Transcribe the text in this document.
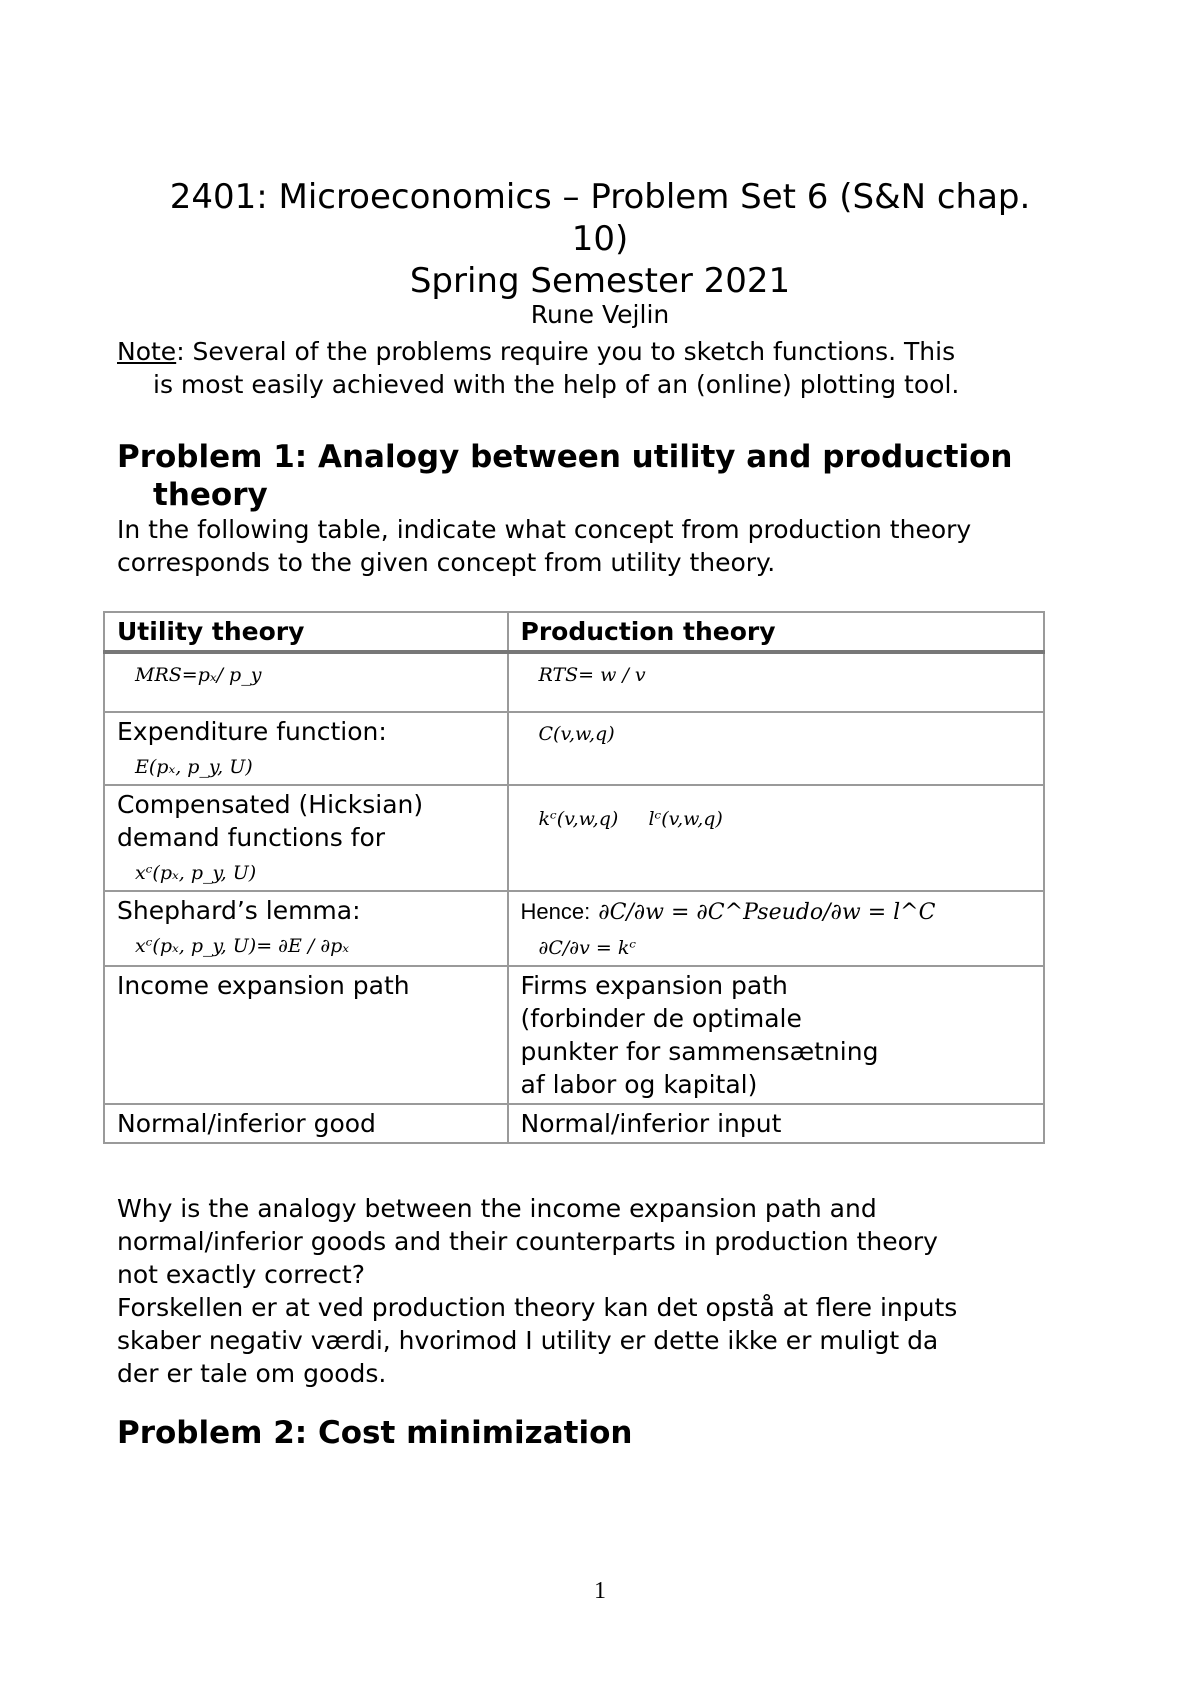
2401: Microeconomics – Problem Set 6 (S&N chap.
10)
Spring Semester 2021
Rune Vejlin
Note: Several of the problems require you to sketch functions. This
is most easily achieved with the help of an (online) plotting tool.
Problem 1: Analogy between utility and production
theory
In the following table, indicate what concept from production theory
corresponds to the given concept from utility theory.
Utility theory	Production theory
MRS=pₓ/ p_y	RTS= w / v
Expenditure function:
E(pₓ, p_y, U)	C(v,w,q)
Compensated (Hicksian)
demand functions for
xᶜ(pₓ, p_y, U)	kᶜ(v,w,q)     lᶜ(v,w,q)
Shephard’s lemma:
xᶜ(pₓ, p_y, U)= ∂E / ∂pₓ	Hence: ∂C/∂w = ∂C^Pseudo/∂w = l^C
∂C/∂v = kᶜ
Income expansion path	Firms expansion path
(forbinder de optimale
punkter for sammensætning
af labor og kapital)
Normal/inferior good	Normal/inferior input
Why is the analogy between the income expansion path and
normal/inferior goods and their counterparts in production theory
not exactly correct?
Forskellen er at ved production theory kan det opstå at flere inputs
skaber negativ værdi, hvorimod I utility er dette ikke er muligt da
der er tale om goods.
Problem 2: Cost minimization
1
